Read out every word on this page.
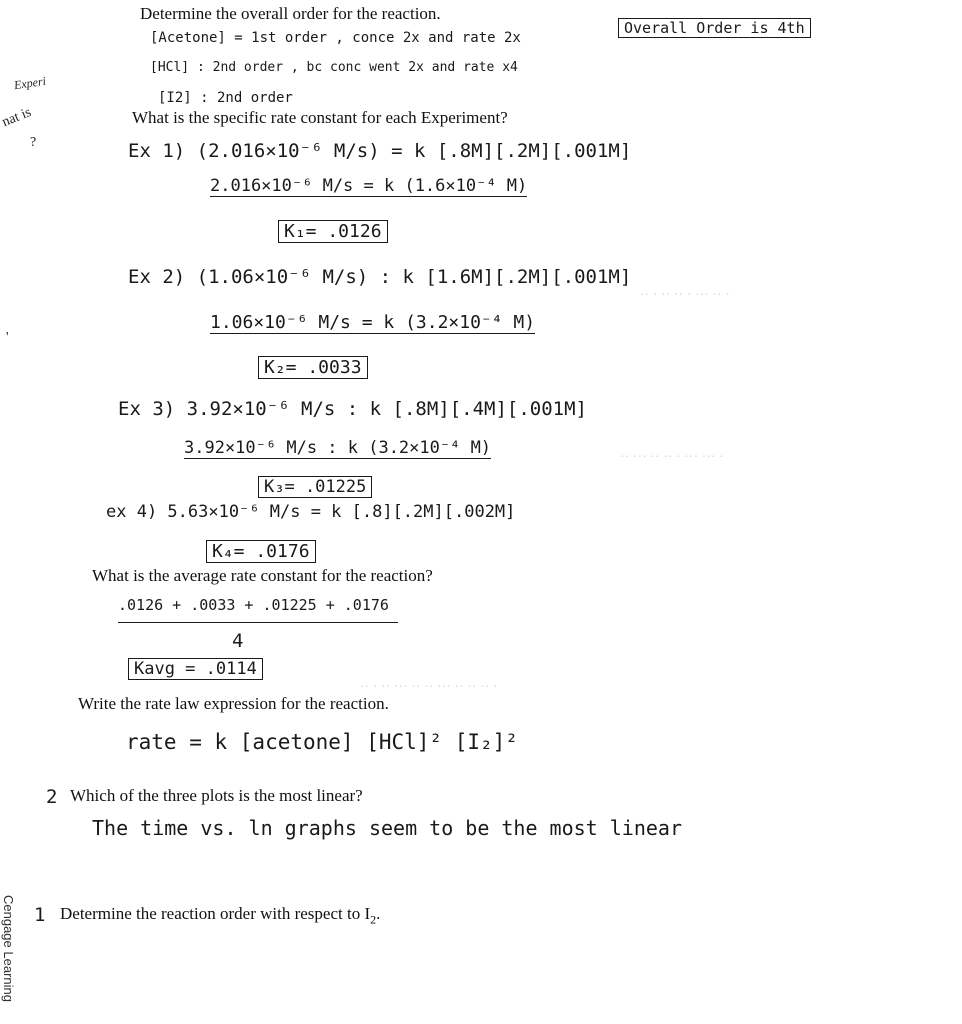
·· · ·· ·· · ··· ·· ·
·· ··· ·· ·· · ··· ··· ·
·· · ·· ··· ·· ·· ··· ·· ·· ·· ·
Experi
nat is
?
'
Cengage Learning
Determine the overall order for the reaction.
[Acetone] = 1st order , conce 2x and rate 2x
Overall Order is 4th
[HCl] : 2nd order , bc conc went 2x and rate x4
[I2] : 2nd order
What is the specific rate constant for each Experiment?
Ex 1) (2.016×10⁻⁶ M/s) = k [.8M][.2M][.001M]
2.016×10⁻⁶ M/s = k (1.6×10⁻⁴ M)
K₁= .0126
Ex 2) (1.06×10⁻⁶ M/s) : k [1.6M][.2M][.001M]
1.06×10⁻⁶ M/s = k (3.2×10⁻⁴ M)
K₂= .0033
Ex 3) 3.92×10⁻⁶ M/s : k [.8M][.4M][.001M]
3.92×10⁻⁶ M/s : k (3.2×10⁻⁴ M)
K₃= .01225
ex 4) 5.63×10⁻⁶ M/s = k [.8][.2M][.002M]
K₄= .0176
What is the average rate constant for the reaction?
.0126 + .0033 + .01225 + .0176
4
Kavg = .0114
Write the rate law expression for the reaction.
rate = k [acetone] [HCl]² [I₂]²
2 Which of the three plots is the most linear?
The time vs. ln graphs seem to be the most linear
1 Determine the reaction order with respect to $I_2$.
